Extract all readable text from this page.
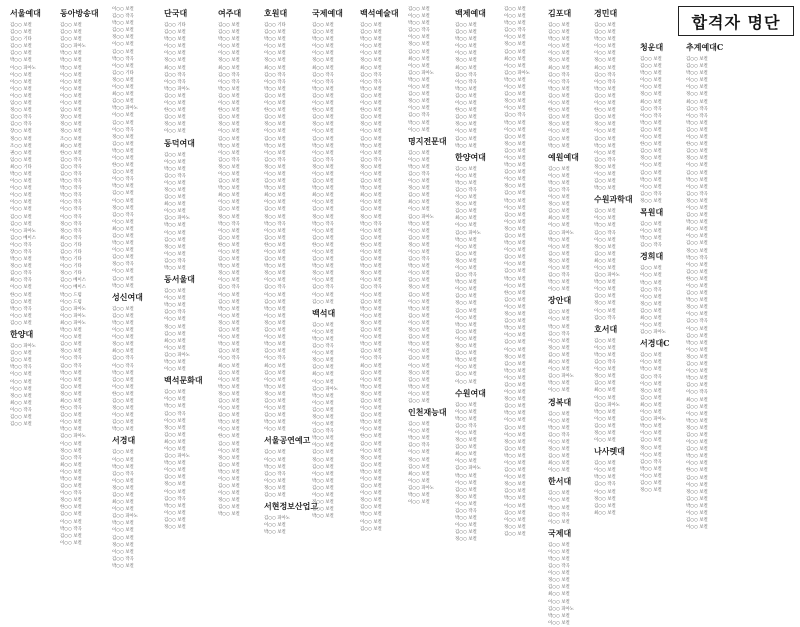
합격자 명단
서울예대
김○○ 보컬
김○○ 보컬
김○○ 기타
김○○ 보컬
김○○ 보컬
박○○ 보컬
이○○ 피아노
이○○ 보컬
이○○ 보컬
이○○ 보컬
이○○ 보컬
임○○ 보컬
정○○ 보컬
김○○ 작곡
김○○ 작곡
장○○ 보컬
정○○ 보컬
조○○ 보컬
권○○ 보컬
임○○ 보컬
최○○ 기타
박○○ 보컬
이○○ 보컬
이○○ 보컬
이○○ 보컬
이○○ 보컬
이○○ 보컬
김○○ 보컬
김○○ 보컬
이○○ 피아노
김○○ 베이스
이○○ 작곡
장○○ 작곡
박○○ 보컬
정○○ 보컬
김○○ 작곡
최○○ 작곡
이○○ 보컬
한○○ 보컬
김○○ 보컬
박○○ 작곡
이○○ 보컬
김○○ 보컬
한양대
김○○ 피아노
김○○ 보컬
김○○ 보컬
박○○ 작곡
이○○ 보컬
이○○ 보컬
이○○ 보컬
정○○ 보컬
최○○ 보컬
이○○ 작곡
김○○ 보컬
김○○ 보컬
동아방송대
김○○ 보컬
김○○ 보컬
김○○ 보컬
김○○ 피아노
박○○ 보컬
박○○ 보컬
박○○ 보컬
이○○ 보컬
이○○ 보컬
이○○ 보컬
이○○ 보컬
이○○ 보컬
임○○ 보컬
장○○ 보컬
정○○ 보컬
정○○ 보컬
조○○ 보컬
최○○ 보컬
한○○ 보컬
김○○ 작곡
김○○ 작곡
김○○ 작곡
박○○ 작곡
박○○ 작곡
박○○ 작곡
이○○ 작곡
이○○ 작곡
이○○ 작곡
정○○ 작곡
정○○ 작곡
최○○ 작곡
김○○ 기타
김○○ 기타
박○○ 기타
이○○ 기타
정○○ 기타
김○○ 베이스
이○○ 베이스
박○○ 드럼
이○○ 드럼
김○○ 피아노
이○○ 피아노
최○○ 피아노
박○○ 보컬
이○○ 보컬
김○○ 보컬
정○○ 보컬
이○○ 작곡
김○○ 작곡
박○○ 보컬
이○○ 보컬
김○○ 보컬
정○○ 보컬
최○○ 보컬
한○○ 작곡
김○○ 보컬
이○○ 보컬
박○○ 보컬
김○○ 피아노
이○○ 보컬
정○○ 보컬
김○○ 작곡
최○○ 보컬
이○○ 보컬
박○○ 보컬
김○○ 보컬
이○○ 작곡
정○○ 보컬
한○○ 보컬
김○○ 보컬
이○○ 보컬
박○○ 작곡
김○○ 보컬
이○○ 보컬
이○○ 보컬
김○○ 작곡
박○○ 보컬
김○○ 보컬
정○○ 보컬
이○○ 보컬
김○○ 보컬
박○○ 작곡
이○○ 보컬
김○○ 기타
정○○ 보컬
이○○ 보컬
최○○ 보컬
김○○ 보컬
박○○ 피아노
이○○ 보컬
김○○ 보컬
이○○ 작곡
정○○ 보컬
김○○ 보컬
박○○ 보컬
이○○ 보컬
한○○ 보컬
김○○ 보컬
이○○ 작곡
박○○ 보컬
김○○ 보컬
이○○ 보컬
정○○ 보컬
김○○ 작곡
이○○ 보컬
최○○ 보컬
김○○ 보컬
박○○ 보컬
이○○ 보컬
김○○ 보컬
정○○ 작곡
이○○ 보컬
김○○ 보컬
박○○ 보컬
성신여대
김○○ 보컬
김○○ 보컬
박○○ 보컬
이○○ 보컬
이○○ 보컬
정○○ 보컬
최○○ 보컬
김○○ 작곡
이○○ 작곡
박○○ 보컬
김○○ 보컬
이○○ 보컬
한○○ 보컬
김○○ 보컬
정○○ 보컬
이○○ 보컬
김○○ 보컬
박○○ 보컬
서경대
김○○ 보컬
이○○ 보컬
박○○ 보컬
김○○ 작곡
이○○ 보컬
정○○ 보컬
김○○ 보컬
최○○ 보컬
이○○ 보컬
김○○ 피아노
박○○ 보컬
이○○ 보컬
김○○ 보컬
정○○ 보컬
이○○ 보컬
김○○ 작곡
박○○ 보컬
단국대
김○○ 기타
김○○ 보컬
박○○ 보컬
이○○ 보컬
이○○ 보컬
정○○ 보컬
최○○ 보컬
김○○ 작곡
이○○ 작곡
박○○ 피아노
김○○ 보컬
이○○ 보컬
한○○ 보컬
김○○ 보컬
정○○ 보컬
이○○ 보컬
동덕여대
김○○ 보컬
이○○ 보컬
박○○ 보컬
김○○ 작곡
이○○ 보컬
정○○ 보컬
김○○ 보컬
최○○ 보컬
이○○ 보컬
김○○ 피아노
박○○ 보컬
이○○ 보컬
김○○ 보컬
정○○ 보컬
이○○ 보컬
김○○ 작곡
박○○ 보컬
동서울대
김○○ 보컬
이○○ 보컬
박○○ 보컬
김○○ 작곡
이○○ 보컬
정○○ 보컬
김○○ 보컬
최○○ 보컬
이○○ 보컬
김○○ 피아노
박○○ 보컬
이○○ 보컬
백석문화대
김○○ 보컬
이○○ 보컬
박○○ 보컬
김○○ 작곡
이○○ 보컬
정○○ 보컬
김○○ 보컬
최○○ 보컬
이○○ 보컬
김○○ 피아노
박○○ 보컬
이○○ 보컬
김○○ 보컬
정○○ 보컬
이○○ 보컬
김○○ 작곡
박○○ 보컬
이○○ 보컬
김○○ 보컬
정○○ 보컬
여주대
김○○ 보컬
김○○ 보컬
박○○ 보컬
이○○ 보컬
이○○ 보컬
정○○ 보컬
최○○ 보컬
김○○ 작곡
이○○ 작곡
박○○ 보컬
김○○ 보컬
이○○ 보컬
한○○ 보컬
김○○ 보컬
정○○ 보컬
이○○ 보컬
김○○ 보컬
박○○ 보컬
이○○ 보컬
김○○ 작곡
정○○ 보컬
이○○ 보컬
김○○ 보컬
박○○ 보컬
최○○ 보컬
이○○ 보컬
김○○ 보컬
정○○ 보컬
박○○ 작곡
이○○ 보컬
김○○ 보컬
한○○ 보컬
이○○ 보컬
김○○ 보컬
박○○ 보컬
정○○ 보컬
이○○ 보컬
김○○ 작곡
이○○ 보컬
김○○ 보컬
박○○ 보컬
이○○ 보컬
정○○ 보컬
김○○ 보컬
이○○ 보컬
박○○ 보컬
김○○ 보컬
이○○ 작곡
최○○ 보컬
김○○ 보컬
이○○ 보컬
박○○ 보컬
정○○ 보컬
김○○ 보컬
이○○ 보컬
김○○ 보컬
박○○ 보컬
이○○ 보컬
한○○ 보컬
김○○ 보컬
이○○ 보컬
정○○ 보컬
김○○ 보컬
박○○ 보컬
이○○ 보컬
김○○ 보컬
이○○ 보컬
정○○ 보컬
김○○ 보컬
박○○ 보컬
호원대
김○○ 기타
김○○ 보컬
박○○ 보컬
이○○ 보컬
이○○ 보컬
정○○ 보컬
최○○ 보컬
김○○ 작곡
이○○ 작곡
박○○ 보컬
김○○ 보컬
이○○ 보컬
한○○ 보컬
김○○ 보컬
정○○ 보컬
이○○ 보컬
김○○ 보컬
박○○ 보컬
이○○ 보컬
김○○ 작곡
정○○ 보컬
이○○ 보컬
김○○ 보컬
박○○ 보컬
최○○ 보컬
이○○ 보컬
김○○ 보컬
정○○ 보컬
박○○ 작곡
이○○ 보컬
김○○ 보컬
한○○ 보컬
이○○ 보컬
김○○ 보컬
박○○ 보컬
정○○ 보컬
이○○ 보컬
김○○ 작곡
이○○ 보컬
김○○ 보컬
박○○ 보컬
이○○ 보컬
정○○ 보컬
김○○ 보컬
이○○ 보컬
박○○ 보컬
김○○ 보컬
이○○ 작곡
최○○ 보컬
김○○ 보컬
이○○ 보컬
박○○ 보컬
정○○ 보컬
김○○ 보컬
이○○ 보컬
김○○ 보컬
박○○ 보컬
이○○ 보컬
서울공연예고
김○○ 보컬
이○○ 보컬
박○○ 보컬
김○○ 작곡
이○○ 보컬
정○○ 보컬
김○○ 보컬
서현정보산업고
김○○ 피아노
이○○ 보컬
박○○ 보컬
국제예대
김○○ 보컬
김○○ 보컬
박○○ 보컬
이○○ 보컬
이○○ 보컬
정○○ 보컬
최○○ 보컬
김○○ 작곡
이○○ 작곡
박○○ 보컬
김○○ 보컬
이○○ 보컬
한○○ 보컬
김○○ 보컬
정○○ 보컬
이○○ 보컬
김○○ 보컬
박○○ 보컬
이○○ 보컬
김○○ 작곡
정○○ 보컬
이○○ 보컬
김○○ 보컬
박○○ 보컬
최○○ 보컬
이○○ 보컬
김○○ 보컬
정○○ 보컬
박○○ 작곡
이○○ 보컬
김○○ 보컬
한○○ 보컬
이○○ 보컬
김○○ 보컬
박○○ 보컬
정○○ 보컬
이○○ 보컬
김○○ 작곡
이○○ 보컬
김○○ 보컬
백석대
김○○ 보컬
이○○ 보컬
박○○ 보컬
김○○ 작곡
이○○ 보컬
정○○ 보컬
김○○ 보컬
최○○ 보컬
이○○ 보컬
김○○ 피아노
박○○ 보컬
이○○ 보컬
김○○ 보컬
정○○ 보컬
이○○ 보컬
김○○ 작곡
박○○ 보컬
이○○ 보컬
김○○ 보컬
정○○ 보컬
김○○ 보컬
이○○ 보컬
박○○ 보컬
김○○ 보컬
이○○ 보컬
정○○ 보컬
김○○ 보컬
박○○ 보컬
백석예술대
김○○ 보컬
김○○ 보컬
박○○ 보컬
이○○ 보컬
이○○ 보컬
정○○ 보컬
최○○ 보컬
김○○ 작곡
이○○ 작곡
박○○ 보컬
김○○ 보컬
이○○ 보컬
한○○ 보컬
김○○ 보컬
정○○ 보컬
이○○ 보컬
김○○ 보컬
박○○ 보컬
이○○ 보컬
김○○ 작곡
정○○ 보컬
이○○ 보컬
김○○ 보컬
박○○ 보컬
최○○ 보컬
이○○ 보컬
김○○ 보컬
정○○ 보컬
박○○ 작곡
이○○ 보컬
김○○ 보컬
한○○ 보컬
이○○ 보컬
김○○ 보컬
박○○ 보컬
정○○ 보컬
이○○ 보컬
김○○ 작곡
이○○ 보컬
김○○ 보컬
박○○ 보컬
이○○ 보컬
정○○ 보컬
김○○ 보컬
이○○ 보컬
박○○ 보컬
김○○ 보컬
이○○ 작곡
최○○ 보컬
김○○ 보컬
이○○ 보컬
박○○ 보컬
정○○ 보컬
김○○ 보컬
이○○ 보컬
김○○ 보컬
박○○ 보컬
이○○ 보컬
한○○ 보컬
김○○ 보컬
이○○ 보컬
정○○ 보컬
김○○ 보컬
박○○ 보컬
이○○ 보컬
김○○ 보컬
이○○ 보컬
정○○ 보컬
김○○ 보컬
박○○ 보컬
이○○ 보컬
김○○ 보컬
김○○ 보컬
이○○ 보컬
박○○ 보컬
김○○ 작곡
이○○ 보컬
정○○ 보컬
김○○ 보컬
최○○ 보컬
이○○ 보컬
김○○ 피아노
박○○ 보컬
이○○ 보컬
김○○ 보컬
정○○ 보컬
이○○ 보컬
김○○ 작곡
박○○ 보컬
이○○ 보컬
명지전문대
김○○ 보컬
이○○ 보컬
박○○ 보컬
김○○ 작곡
이○○ 보컬
정○○ 보컬
김○○ 보컬
최○○ 보컬
이○○ 보컬
김○○ 피아노
박○○ 보컬
이○○ 보컬
김○○ 보컬
정○○ 보컬
이○○ 보컬
김○○ 작곡
박○○ 보컬
이○○ 보컬
김○○ 보컬
정○○ 보컬
김○○ 보컬
이○○ 보컬
박○○ 보컬
김○○ 보컬
이○○ 보컬
정○○ 보컬
김○○ 보컬
박○○ 보컬
이○○ 보컬
김○○ 보컬
이○○ 보컬
정○○ 보컬
김○○ 보컬
박○○ 보컬
이○○ 보컬
김○○ 보컬
인천재능대
김○○ 보컬
이○○ 보컬
박○○ 보컬
김○○ 작곡
이○○ 보컬
정○○ 보컬
김○○ 보컬
최○○ 보컬
이○○ 보컬
김○○ 피아노
박○○ 보컬
이○○ 보컬
백제예대
김○○ 보컬
김○○ 보컬
박○○ 보컬
이○○ 보컬
이○○ 보컬
정○○ 보컬
최○○ 보컬
김○○ 작곡
이○○ 작곡
박○○ 보컬
김○○ 보컬
이○○ 보컬
한○○ 보컬
김○○ 보컬
정○○ 보컬
이○○ 보컬
김○○ 보컬
박○○ 보컬
한양여대
김○○ 보컬
이○○ 보컬
박○○ 보컬
김○○ 작곡
이○○ 보컬
정○○ 보컬
김○○ 보컬
최○○ 보컬
이○○ 보컬
김○○ 피아노
박○○ 보컬
이○○ 보컬
김○○ 보컬
정○○ 보컬
이○○ 보컬
김○○ 작곡
박○○ 보컬
이○○ 보컬
김○○ 보컬
정○○ 보컬
김○○ 보컬
이○○ 보컬
박○○ 보컬
김○○ 보컬
이○○ 보컬
정○○ 보컬
김○○ 보컬
박○○ 보컬
이○○ 보컬
김○○ 보컬
이○○ 보컬
수원여대
김○○ 보컬
이○○ 보컬
박○○ 보컬
김○○ 작곡
이○○ 보컬
정○○ 보컬
김○○ 보컬
최○○ 보컬
이○○ 보컬
김○○ 피아노
박○○ 보컬
이○○ 보컬
김○○ 보컬
정○○ 보컬
이○○ 보컬
김○○ 작곡
박○○ 보컬
이○○ 보컬
김○○ 보컬
정○○ 보컬
김○○ 보컬
이○○ 보컬
박○○ 보컬
김○○ 작곡
이○○ 보컬
정○○ 보컬
김○○ 보컬
최○○ 보컬
이○○ 보컬
김○○ 피아노
박○○ 보컬
이○○ 보컬
김○○ 보컬
정○○ 보컬
이○○ 보컬
김○○ 작곡
박○○ 보컬
이○○ 보컬
김○○ 보컬
정○○ 보컬
김○○ 보컬
이○○ 보컬
박○○ 보컬
김○○ 보컬
이○○ 보컬
정○○ 보컬
김○○ 보컬
박○○ 보컬
이○○ 보컬
김○○ 보컬
이○○ 보컬
정○○ 보컬
김○○ 보컬
박○○ 보컬
이○○ 보컬
김○○ 보컬
이○○ 보컬
김○○ 보컬
박○○ 보컬
이○○ 보컬
한○○ 보컬
김○○ 보컬
이○○ 보컬
정○○ 보컬
김○○ 보컬
박○○ 보컬
이○○ 보컬
김○○ 보컬
이○○ 보컬
정○○ 보컬
김○○ 보컬
박○○ 보컬
이○○ 보컬
김○○ 보컬
이○○ 보컬
정○○ 보컬
김○○ 보컬
박○○ 보컬
이○○ 보컬
김○○ 보컬
이○○ 보컬
정○○ 보컬
김○○ 보컬
박○○ 보컬
이○○ 보컬
김○○ 보컬
이○○ 보컬
정○○ 보컬
김○○ 보컬
박○○ 보컬
이○○ 보컬
김○○ 보컬
이○○ 보컬
정○○ 보컬
김○○ 보컬
김포대
김○○ 보컬
김○○ 보컬
박○○ 보컬
이○○ 보컬
이○○ 보컬
정○○ 보컬
최○○ 보컬
김○○ 작곡
이○○ 작곡
박○○ 보컬
김○○ 보컬
이○○ 보컬
한○○ 보컬
김○○ 보컬
정○○ 보컬
이○○ 보컬
김○○ 보컬
박○○ 보컬
예원예대
김○○ 보컬
이○○ 보컬
박○○ 보컬
김○○ 작곡
이○○ 보컬
정○○ 보컬
김○○ 보컬
최○○ 보컬
이○○ 보컬
김○○ 피아노
박○○ 보컬
이○○ 보컬
김○○ 보컬
정○○ 보컬
이○○ 보컬
김○○ 작곡
박○○ 보컬
이○○ 보컬
장안대
김○○ 보컬
이○○ 보컬
박○○ 보컬
김○○ 작곡
이○○ 보컬
정○○ 보컬
김○○ 보컬
최○○ 보컬
이○○ 보컬
김○○ 피아노
박○○ 보컬
이○○ 보컬
경복대
김○○ 보컬
이○○ 보컬
박○○ 보컬
김○○ 작곡
이○○ 보컬
정○○ 보컬
김○○ 보컬
최○○ 보컬
이○○ 보컬
한서대
김○○ 보컬
이○○ 보컬
박○○ 보컬
김○○ 작곡
이○○ 보컬
국제대
김○○ 보컬
이○○ 보컬
박○○ 보컬
김○○ 작곡
이○○ 보컬
정○○ 보컬
김○○ 보컬
최○○ 보컬
이○○ 보컬
김○○ 피아노
박○○ 보컬
이○○ 보컬
경민대
김○○ 보컬
김○○ 보컬
박○○ 보컬
이○○ 보컬
이○○ 보컬
정○○ 보컬
최○○ 보컬
김○○ 작곡
이○○ 작곡
박○○ 보컬
김○○ 보컬
이○○ 보컬
한○○ 보컬
김○○ 보컬
정○○ 보컬
이○○ 보컬
김○○ 보컬
박○○ 보컬
이○○ 보컬
김○○ 작곡
정○○ 보컬
이○○ 보컬
김○○ 보컬
박○○ 보컬
수원과학대
김○○ 보컬
이○○ 보컬
박○○ 보컬
김○○ 작곡
이○○ 보컬
정○○ 보컬
김○○ 보컬
최○○ 보컬
이○○ 보컬
김○○ 피아노
박○○ 보컬
이○○ 보컬
김○○ 보컬
정○○ 보컬
이○○ 보컬
김○○ 작곡
호서대
김○○ 보컬
이○○ 보컬
박○○ 보컬
김○○ 작곡
이○○ 보컬
정○○ 보컬
김○○ 보컬
최○○ 보컬
이○○ 보컬
김○○ 피아노
박○○ 보컬
이○○ 보컬
김○○ 보컬
정○○ 보컬
이○○ 보컬
나사렛대
김○○ 보컬
이○○ 보컬
박○○ 보컬
김○○ 작곡
이○○ 보컬
정○○ 보컬
김○○ 보컬
최○○ 보컬
청운대
김○○ 보컬
김○○ 보컬
박○○ 보컬
이○○ 보컬
이○○ 보컬
정○○ 보컬
최○○ 보컬
김○○ 작곡
이○○ 작곡
박○○ 보컬
김○○ 보컬
이○○ 보컬
한○○ 보컬
김○○ 보컬
정○○ 보컬
이○○ 보컬
김○○ 보컬
박○○ 보컬
이○○ 보컬
김○○ 작곡
정○○ 보컬
목원대
김○○ 보컬
이○○ 보컬
박○○ 보컬
김○○ 작곡
경희대
김○○ 보컬
이○○ 보컬
박○○ 보컬
김○○ 작곡
이○○ 보컬
정○○ 보컬
김○○ 보컬
최○○ 보컬
이○○ 보컬
김○○ 피아노
서경대C
김○○ 보컬
이○○ 보컬
박○○ 보컬
김○○ 작곡
이○○ 보컬
정○○ 보컬
김○○ 보컬
최○○ 보컬
이○○ 보컬
김○○ 피아노
박○○ 보컬
이○○ 보컬
김○○ 보컬
정○○ 보컬
이○○ 보컬
김○○ 작곡
박○○ 보컬
이○○ 보컬
김○○ 보컬
정○○ 보컬
추계예대C
김○○ 보컬
김○○ 보컬
박○○ 보컬
이○○ 보컬
이○○ 보컬
정○○ 보컬
최○○ 보컬
김○○ 작곡
이○○ 작곡
박○○ 보컬
김○○ 보컬
이○○ 보컬
한○○ 보컬
김○○ 보컬
정○○ 보컬
이○○ 보컬
김○○ 보컬
박○○ 보컬
이○○ 보컬
김○○ 작곡
정○○ 보컬
이○○ 보컬
김○○ 보컬
박○○ 보컬
최○○ 보컬
이○○ 보컬
김○○ 보컬
정○○ 보컬
박○○ 작곡
이○○ 보컬
김○○ 보컬
한○○ 보컬
이○○ 보컬
김○○ 보컬
박○○ 보컬
정○○ 보컬
이○○ 보컬
김○○ 작곡
이○○ 보컬
김○○ 보컬
박○○ 보컬
이○○ 보컬
정○○ 보컬
김○○ 보컬
이○○ 보컬
박○○ 보컬
김○○ 보컬
이○○ 작곡
최○○ 보컬
김○○ 보컬
이○○ 보컬
박○○ 보컬
정○○ 보컬
김○○ 보컬
이○○ 보컬
김○○ 보컬
박○○ 보컬
이○○ 보컬
한○○ 보컬
김○○ 보컬
이○○ 보컬
정○○ 보컬
김○○ 보컬
박○○ 보컬
이○○ 보컬
김○○ 보컬
이○○ 보컬
